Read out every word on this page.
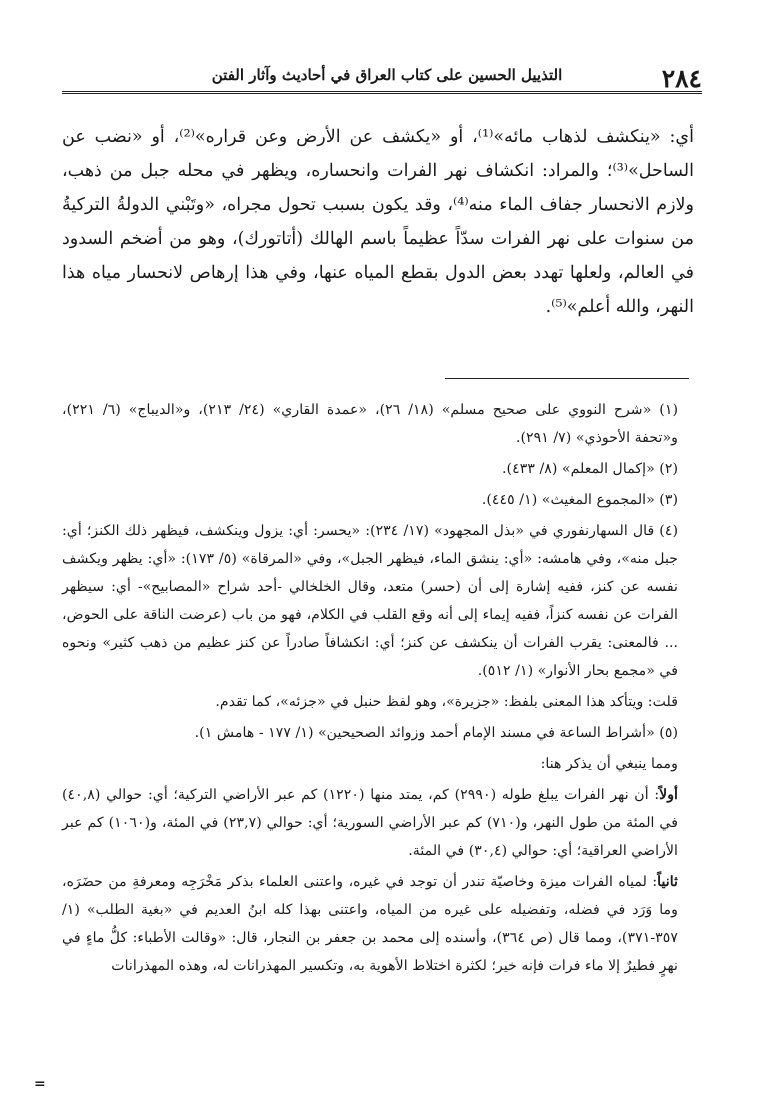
٢٨٤
التذييل الحسين على كتاب العراق في أحاديث وآثار الفتن

أي: «ينكشف لذهاب مائه»⁽¹⁾، أو «يكشف عن الأرض وعن قراره»⁽²⁾، أو «نضب عن الساحل»⁽³⁾؛ والمراد: انكشاف نهر الفرات وانحساره، ويظهر في محله جبل من ذهب، ولازم الانحسار جفاف الماء منه⁽⁴⁾، وقد يكون بسبب تحول مجراه، «وتَبْني الدولةُ التركيةُ من سنوات على نهر الفرات سدّاً عظيماً باسم الهالك (أتاتورك)، وهو من أضخم السدود في العالم، ولعلها تهدد بعض الدول بقطع المياه عنها، وفي هذا إرهاص لانحسار مياه هذا النهر، والله أعلم»⁽⁵⁾.

(١) «شرح النووي على صحيح مسلم» (١٨/ ٢٦)، «عمدة القاري» (٢٤/ ٢١٣)، و«الديباج» (٦/ ٢٢١)، و«تحفة الأحوذي» (٧/ ٢٩١).

(٢) «إكمال المعلم» (٨/ ٤٣٣).

(٣) «المجموع المغيث» (١/ ٤٤٥).

(٤) قال السهارنفوري في «بذل المجهود» (١٧/ ٢٣٤): «يحسر: أي: يزول وينكشف، فيظهر ذلك الكنز؛ أي: جبل منه»، وفي هامشه: «أي: ينشق الماء، فيظهر الجبل»، وفي «المرقاة» (٥/ ١٧٣): «أي: يظهر ويكشف نفسه عن كنز، ففيه إشارة إلى أن (حسر) متعد، وقال الخلخالي -أحد شراح «المصابيح»- أي: سيظهر الفرات عن نفسه كنزاً، ففيه إيماء إلى أنه وقع القلب في الكلام، فهو من باب (عرضت الناقة على الحوض، ... فالمعنى: يقرب الفرات أن ينكشف عن كنز؛ أي: انكشافاً صادراً عن كنز عظيم من ذهب كثير» ونحوه في «مجمع بحار الأنوار» (١/ ٥١٢).

قلت: ويتأكد هذا المعنى بلفظ: «جزيرة»، وهو لفظ حنبل في «جزئه»، كما تقدم.

(٥) «أشراط الساعة في مسند الإمام أحمد وزوائد الصحيحين» (١/ ١٧٧ - هامش ١).

ومما ينبغي أن يذكر هنا:

أولاً: أن نهر الفرات يبلغ طوله (٢٩٩٠) كم، يمتد منها (١٢٢٠) كم عبر الأراضي التركية؛ أي: حوالي (٤٠,٨) في المئة من طول النهر، و(٧١٠) كم عبر الأراضي السورية؛ أي: حوالي (٢٣,٧) في المئة، و(١٠٦٠) كم عبر الأراضي العراقية؛ أي: حوالي (٣٠,٤) في المئة.

ثانياً: لمياه الفرات ميزة وخاصيّة تندر أن توجد في غيره، واعتنى العلماء بذكر مَخْرَجِه ومعرفةِ من حضَرَه، وما وَرَد في فضله، وتفضيله على غيره من المياه، واعتنى بهذا كله ابنُ العديم في «بغية الطلب» (١/ ٣٥٧-٣٧١)، ومما قال (ص ٣٦٤)، وأسنده إلى محمد بن جعفر بن النجار، قال: «وقالت الأطباء: كلُّ ماءٍ في نهرٍ فطيرٌ إلا ماء فرات فإنه خير؛ لكثرة اختلاط الأهوية به، وتكسير المهذرانات له، وهذه المهذرانات

=
